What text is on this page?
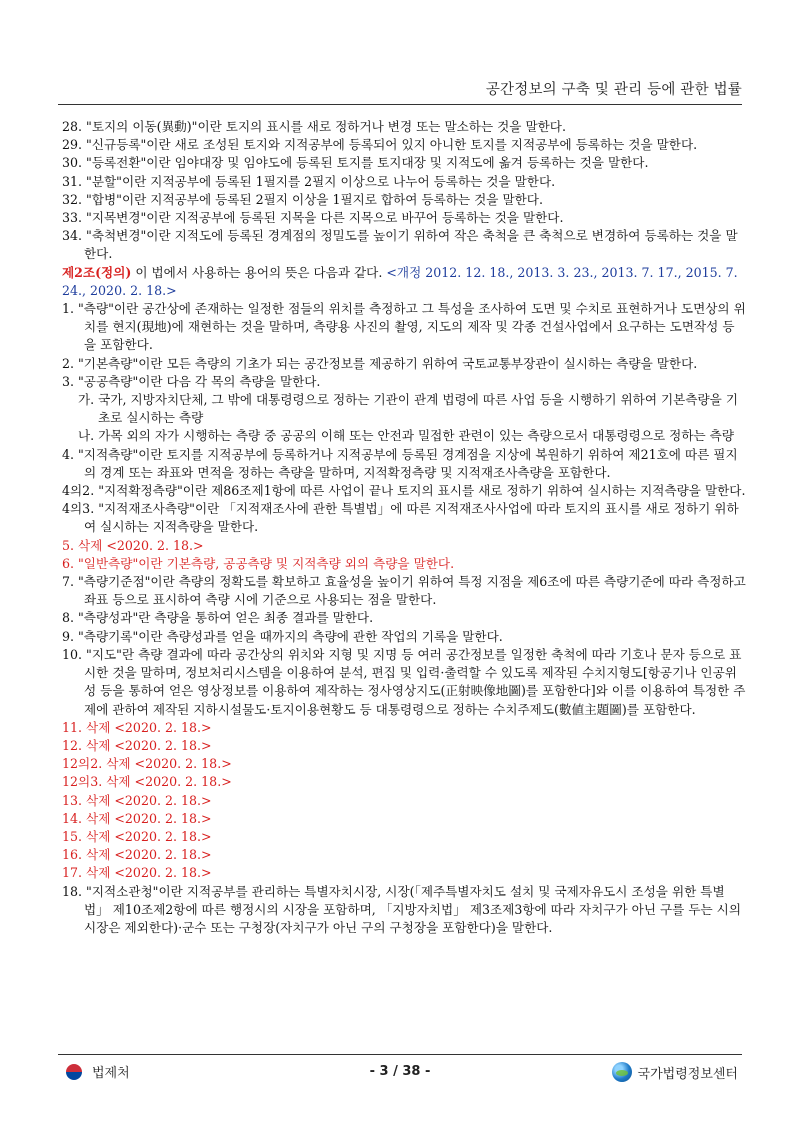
공간정보의 구축 및 관리 등에 관한 법률

28. "토지의 이동(異動)"이란 토지의 표시를 새로 정하거나 변경 또는 말소하는 것을 말한다.

29. "신규등록"이란 새로 조성된 토지와 지적공부에 등록되어 있지 아니한 토지를 지적공부에 등록하는 것을 말한다.

30. "등록전환"이란 임야대장 및 임야도에 등록된 토지를 토지대장 및 지적도에 옮겨 등록하는 것을 말한다.

31. "분할"이란 지적공부에 등록된 1필지를 2필지 이상으로 나누어 등록하는 것을 말한다.

32. "합병"이란 지적공부에 등록된 2필지 이상을 1필지로 합하여 등록하는 것을 말한다.

33. "지목변경"이란 지적공부에 등록된 지목을 다른 지목으로 바꾸어 등록하는 것을 말한다.

34. "축척변경"이란 지적도에 등록된 경계점의 정밀도를 높이기 위하여 작은 축척을 큰 축척으로 변경하여 등록하는 것을 말한다.

제2조(정의) 이 법에서 사용하는 용어의 뜻은 다음과 같다. <개정 2012. 12. 18., 2013. 3. 23., 2013. 7. 17., 2015. 7. 24., 2020. 2. 18.>

1. "측량"이란 공간상에 존재하는 일정한 점들의 위치를 측정하고 그 특성을 조사하여 도면 및 수치로 표현하거나 도면상의 위치를 현지(現地)에 재현하는 것을 말하며, 측량용 사진의 촬영, 지도의 제작 및 각종 건설사업에서 요구하는 도면작성 등을 포함한다.

2. "기본측량"이란 모든 측량의 기초가 되는 공간정보를 제공하기 위하여 국토교통부장관이 실시하는 측량을 말한다.

3. "공공측량"이란 다음 각 목의 측량을 말한다.

가. 국가, 지방자치단체, 그 밖에 대통령령으로 정하는 기관이 관계 법령에 따른 사업 등을 시행하기 위하여 기본측량을 기초로 실시하는 측량

나. 가목 외의 자가 시행하는 측량 중 공공의 이해 또는 안전과 밀접한 관련이 있는 측량으로서 대통령령으로 정하는 측량

4. "지적측량"이란 토지를 지적공부에 등록하거나 지적공부에 등록된 경계점을 지상에 복원하기 위하여 제21호에 따른 필지의 경계 또는 좌표와 면적을 정하는 측량을 말하며, 지적확정측량 및 지적재조사측량을 포함한다.

4의2. "지적확정측량"이란 제86조제1항에 따른 사업이 끝나 토지의 표시를 새로 정하기 위하여 실시하는 지적측량을 말한다.

4의3. "지적재조사측량"이란 「지적재조사에 관한 특별법」에 따른 지적재조사사업에 따라 토지의 표시를 새로 정하기 위하여 실시하는 지적측량을 말한다.

5. 삭제 <2020. 2. 18.>

6. "일반측량"이란 기본측량, 공공측량 및 지적측량 외의 측량을 말한다.

7. "측량기준점"이란 측량의 정확도를 확보하고 효율성을 높이기 위하여 특정 지점을 제6조에 따른 측량기준에 따라 측정하고 좌표 등으로 표시하여 측량 시에 기준으로 사용되는 점을 말한다.

8. "측량성과"란 측량을 통하여 얻은 최종 결과를 말한다.

9. "측량기록"이란 측량성과를 얻을 때까지의 측량에 관한 작업의 기록을 말한다.

10. "지도"란 측량 결과에 따라 공간상의 위치와 지형 및 지명 등 여러 공간정보를 일정한 축척에 따라 기호나 문자 등으로 표시한 것을 말하며, 정보처리시스템을 이용하여 분석, 편집 및 입력·출력할 수 있도록 제작된 수치지형도[항공기나 인공위성 등을 통하여 얻은 영상정보를 이용하여 제작하는 정사영상지도(正射映像地圖)를 포함한다]와 이를 이용하여 특정한 주제에 관하여 제작된 지하시설물도·토지이용현황도 등 대통령령으로 정하는 수치주제도(數値主題圖)를 포함한다.

11. 삭제 <2020. 2. 18.>

12. 삭제 <2020. 2. 18.>

12의2. 삭제 <2020. 2. 18.>

12의3. 삭제 <2020. 2. 18.>

13. 삭제 <2020. 2. 18.>

14. 삭제 <2020. 2. 18.>

15. 삭제 <2020. 2. 18.>

16. 삭제 <2020. 2. 18.>

17. 삭제 <2020. 2. 18.>

18. "지적소관청"이란 지적공부를 관리하는 특별자치시장, 시장(「제주특별자치도 설치 및 국제자유도시 조성을 위한 특별법」 제10조제2항에 따른 행정시의 시장을 포함하며, 「지방자치법」 제3조제3항에 따라 자치구가 아닌 구를 두는 시의 시장은 제외한다)·군수 또는 구청장(자치구가 아닌 구의 구청장을 포함한다)을 말한다.

법제처	- 3 / 38 -	국가법령정보센터
